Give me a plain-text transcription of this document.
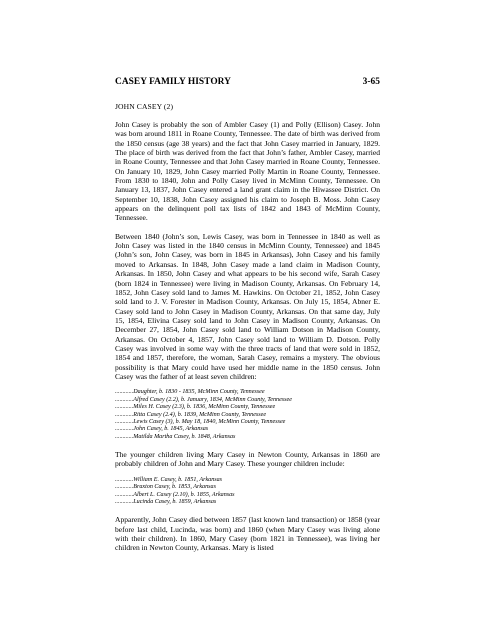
CASEY FAMILY HISTORY	3-65
JOHN CASEY (2)

John Casey is probably the son of Ambler Casey (1) and Polly (Ellison) Casey. John was born around 1811 in Roane County, Tennessee. The date of birth was derived from the 1850 census (age 38 years) and the fact that John Casey married in January, 1829. The place of birth was derived from the fact that John’s father, Ambler Casey, married in Roane County, Tennessee and that John Casey married in Roane County, Tennessee. On January 10, 1829, John Casey married Polly Martin in Roane County, Tennessee. From 1830 to 1840, John and Polly Casey lived in McMinn County, Tennessee. On January 13, 1837, John Casey entered a land grant claim in the Hiwassee District. On September 10, 1838, John Casey assigned his claim to Joseph B. Moss. John Casey appears on the delinquent poll tax lists of 1842 and 1843 of McMinn County, Tennessee.

Between 1840 (John’s son, Lewis Casey, was born in Tennessee in 1840 as well as John Casey was listed in the 1840 census in McMinn County, Tennessee) and 1845 (John’s son, John Casey, was born in 1845 in Arkansas), John Casey and his family moved to Arkansas. In 1848, John Casey made a land claim in Madison County, Arkansas. In 1850, John Casey and what appears to be his second wife, Sarah Casey (born 1824 in Tennessee) were living in Madison County, Arkansas. On February 14, 1852, John Casey sold land to James M. Hawkins. On October 21, 1852, John Casey sold land to J. V. Forester in Madison County, Arkansas. On July 15, 1854, Abner E. Casey sold land to John Casey in Madison County, Arkansas. On that same day, July 15, 1854, Elivina Casey sold land to John Casey in Madison County, Arkansas. On December 27, 1854, John Casey sold land to William Dotson in Madison County, Arkansas. On October 4, 1857, John Casey sold land to William D. Dotson. Polly Casey was involved in some way with the three tracts of land that were sold in 1852, 1854 and 1857, therefore, the woman, Sarah Casey, remains a mystery. The obvious possibility is that Mary could have used her middle name in the 1850 census. John Casey was the father of at least seven children:

............Daughter, b. 1830 - 1835, McMinn County, Tennessee
............Alfred Casey (2.2), b. January, 1834, McMinn County, Tennessee
............Miles H. Casey (2.3), b. 1836, McMinn County, Tennessee
............Ritta Casey (2.4), b. 1839, McMinn County, Tennessee
............Lewis Casey (3), b. May 18, 1840, McMinn County, Tennessee
............John Casey, b. 1845, Arkansas
............Matilda Martha Casey, b. 1848, Arkansas

The younger children living Mary Casey in Newton County, Arkansas in 1860 are probably children of John and Mary Casey. These younger children include:

............William E. Casey, b. 1851, Arkansas
............Braxton Casey, b. 1853, Arkansas
............Albert L. Casey (2.10), b. 1855, Arkansas
............Lucinda Casey, b. 1859, Arkansas

Apparently, John Casey died between 1857 (last known land transaction) or 1858 (year before last child, Lucinda, was born) and 1860 (when Mary Casey was living alone with their children). In 1860, Mary Casey (born 1821 in Tennessee), was living her children in Newton County, Arkansas. Mary is listed
